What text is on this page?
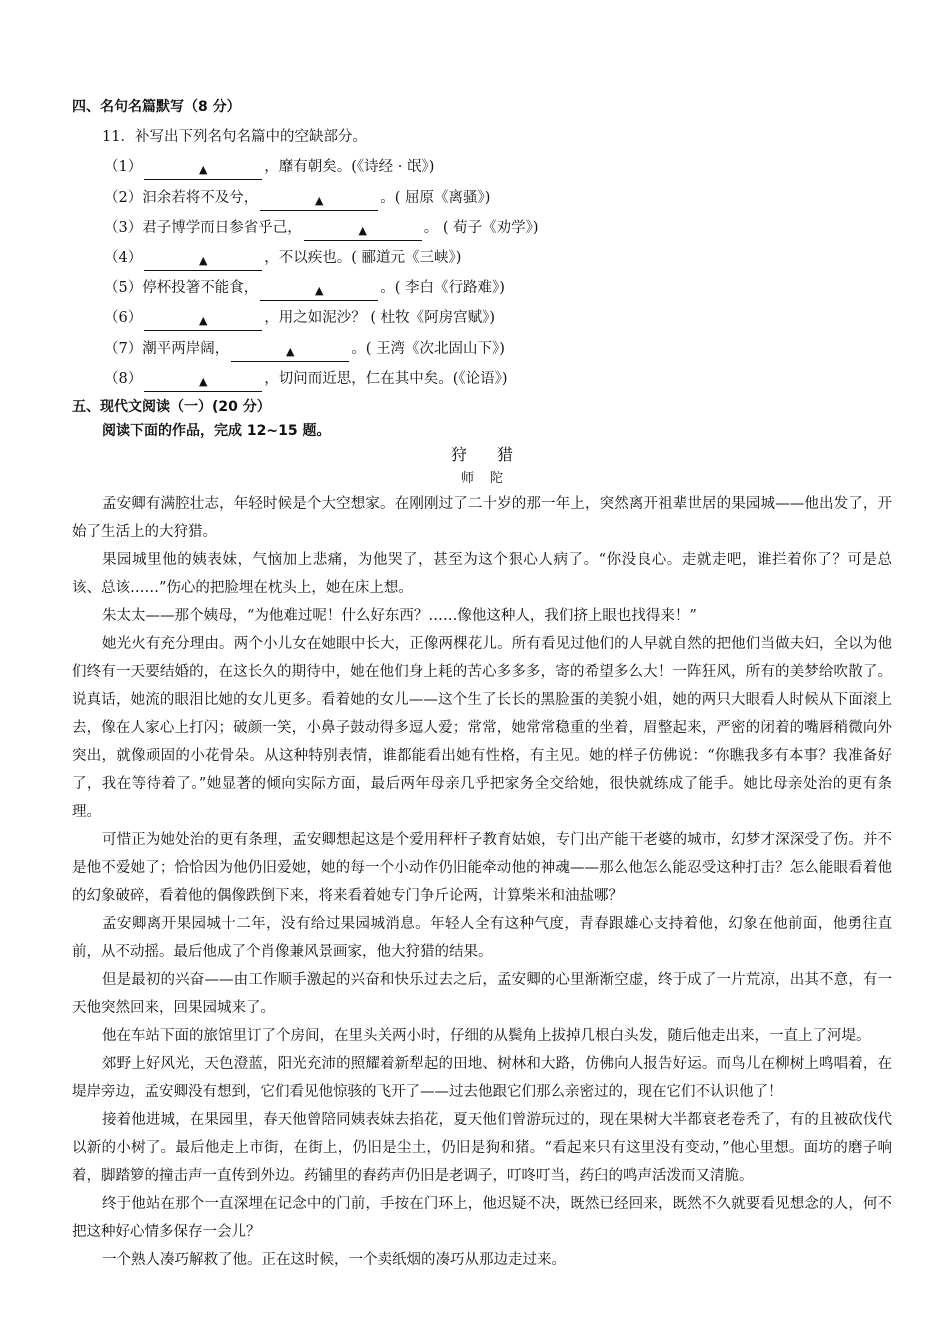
四、名句名篇默写（8 分）
11．补写出下列名句名篇中的空缺部分。
（1）	▲	，靡有朝矣。(《诗经 · 氓》)
（2）汩余若将不及兮，	▲	。( 屈原《离骚》)
（3）君子博学而日参省乎己，	▲	。 ( 荀子《劝学》)
（4）	▲	，不以疾也。( 郦道元《三峡》)
（5）停杯投箸不能食，	▲	。( 李白《行路难》)
（6）	▲	，用之如泥沙？ ( 杜牧《阿房宫赋》)
（7）潮平两岸阔，	▲	。( 王湾《次北固山下》)
（8）	▲	，切问而近思，仁在其中矣。(《论语》)
五、现代文阅读（一）(20 分）
阅读下面的作品，完成 12~15 题。
狩猎
师陀

孟安卿有满腔壮志，年轻时候是个大空想家。在刚刚过了二十岁的那一年上，突然离开祖辈世居的果园城——他出发了，开始了生活上的大狩猎。

果园城里他的姨表妹，气恼加上悲痛，为他哭了，甚至为这个狠心人病了。“你没良心。走就走吧，谁拦着你了？可是总该、总该……”伤心的把脸埋在枕头上，她在床上想。

朱太太——那个姨母，“为他难过呢！什么好东西？……像他这种人，我们挤上眼也找得来！”

她光火有充分理由。两个小儿女在她眼中长大，正像两棵花儿。所有看见过他们的人早就自然的把他们当做夫妇，全以为他们终有一天要结婚的，在这长久的期待中，她在他们身上耗的苦心多多多，寄的希望多么大！一阵狂风，所有的美梦给吹散了。说真话，她流的眼泪比她的女儿更多。看着她的女儿——这个生了长长的黑脸蛋的美貌小姐，她的两只大眼看人时候从下面滚上去，像在人家心上打闪；破颜一笑，小鼻子鼓动得多逗人爱；常常，她常常稳重的坐着，眉整起来，严密的闭着的嘴唇稍微向外突出，就像顽固的小花骨朵。从这种特别表情，谁都能看出她有性格，有主见。她的样子仿佛说：“你瞧我多有本事？我准备好了，我在等待着了。”她显著的倾向实际方面，最后两年母亲几乎把家务全交给她，很快就练成了能手。她比母亲处治的更有条理。

可惜正为她处治的更有条理，孟安卿想起这是个爱用秤杆子教育姑娘，专门出产能干老婆的城市，幻梦才深深受了伤。并不是他不爱她了；恰恰因为他仍旧爱她，她的每一个小动作仍旧能牵动他的神魂——那么他怎么能忍受这种打击？怎么能眼看着他的幻象破碎，看着他的偶像跌倒下来，将来看着她专门争斤论两，计算柴米和油盐哪？

孟安卿离开果园城十二年，没有给过果园城消息。年轻人全有这种气度，青春跟雄心支持着他，幻象在他前面，他勇往直前，从不动摇。最后他成了个肖像兼风景画家，他大狩猎的结果。

但是最初的兴奋——由工作顺手激起的兴奋和快乐过去之后，孟安卿的心里渐渐空虚，终于成了一片荒凉，出其不意，有一天他突然回来，回果园城来了。

他在车站下面的旅馆里订了个房间，在里头关两小时，仔细的从鬓角上拔掉几根白头发，随后他走出来，一直上了河堤。

郊野上好风光，天色澄蓝，阳光充沛的照耀着新犁起的田地、树林和大路，仿佛向人报告好运。而鸟儿在柳树上鸣唱着，在堤岸旁边，孟安卿没有想到，它们看见他惊骇的飞开了——过去他跟它们那么亲密过的，现在它们不认识他了！

接着他进城，在果园里，春天他曾陪同姨表妹去掐花，夏天他们曾游玩过的，现在果树大半都衰老卷秃了，有的且被砍伐代以新的小树了。最后他走上市街，在街上，仍旧是尘土，仍旧是狗和猪。“看起来只有这里没有变动，”他心里想。面坊的磨子响着，脚踏箩的撞击声一直传到外边。药铺里的舂药声仍旧是老调子，叮咚叮当，药臼的鸣声活泼而又清脆。

终于他站在那个一直深埋在记念中的门前，手按在门环上，他迟疑不决，既然已经回来，既然不久就要看见想念的人，何不把这种好心情多保存一会儿？

一个熟人凑巧解救了他。正在这时候，一个卖纸烟的凑巧从那边走过来。
